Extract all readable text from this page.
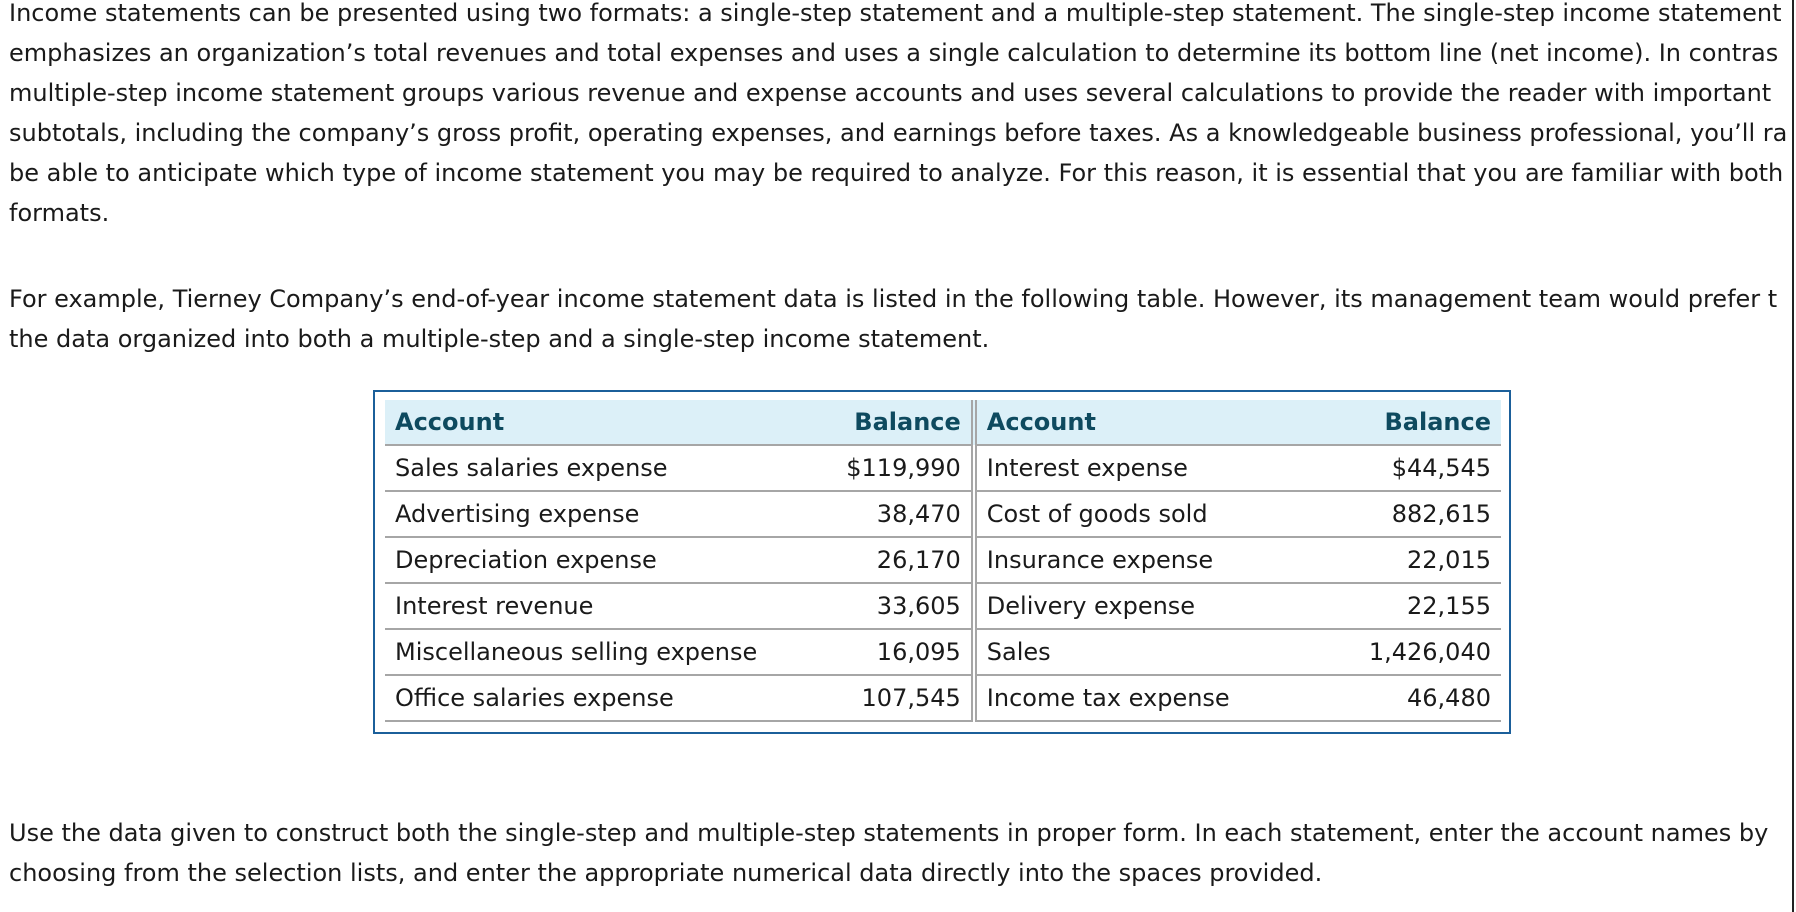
Income statements can be presented using two formats: a single-step statement and a multiple-step statement. The single-step income statement
emphasizes an organization’s total revenues and total expenses and uses a single calculation to determine its bottom line (net income). In contras
multiple-step income statement groups various revenue and expense accounts and uses several calculations to provide the reader with important
subtotals, including the company’s gross profit, operating expenses, and earnings before taxes. As a knowledgeable business professional, you’ll ra
be able to anticipate which type of income statement you may be required to analyze. For this reason, it is essential that you are familiar with both
formats.

For example, Tierney Company’s end-of-year income statement data is listed in the following table. However, its management team would prefer t
the data organized into both a multiple-step and a single-step income statement.

Account	Balance	Account	Balance
Sales salaries expense	$119,990	Interest expense	$44,545
Advertising expense	38,470	Cost of goods sold	882,615
Depreciation expense	26,170	Insurance expense	22,015
Interest revenue	33,605	Delivery expense	22,155
Miscellaneous selling expense	16,095	Sales	1,426,040
Office salaries expense	107,545	Income tax expense	46,480

Use the data given to construct both the single-step and multiple-step statements in proper form. In each statement, enter the account names by
choosing from the selection lists, and enter the appropriate numerical data directly into the spaces provided.
